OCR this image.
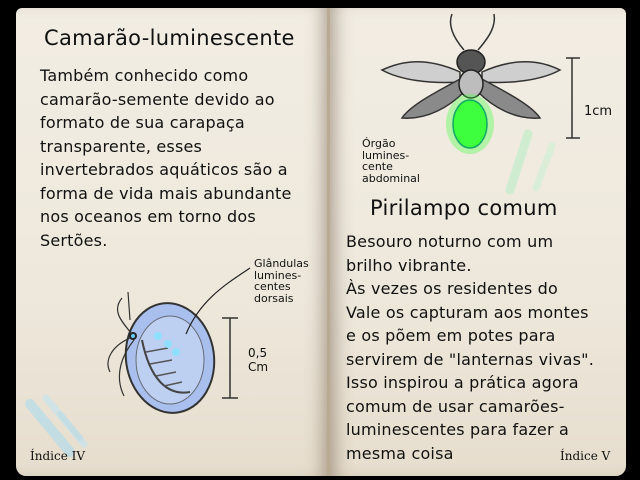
Camarão-luminescente
Também conhecido como
camarão-semente devido ao
formato de sua carapaça
transparente, esses
invertebrados aquáticos são a
forma de vida mais abundante
nos oceanos em torno dos
Sertões.
Glândulas
lumines-
centes
dorsais
0,5
Cm
Índice IV
Órgão
lumines-
cente
abdominal
1cm
Pirilampo comum
Besouro noturno com um
brilho vibrante.
Às vezes os residentes do
Vale os capturam aos montes
e os põem em potes para
servirem de "lanternas vivas".
Isso inspirou a prática agora
comum de usar camarões-
luminescentes para fazer a
mesma coisa	Índice V
